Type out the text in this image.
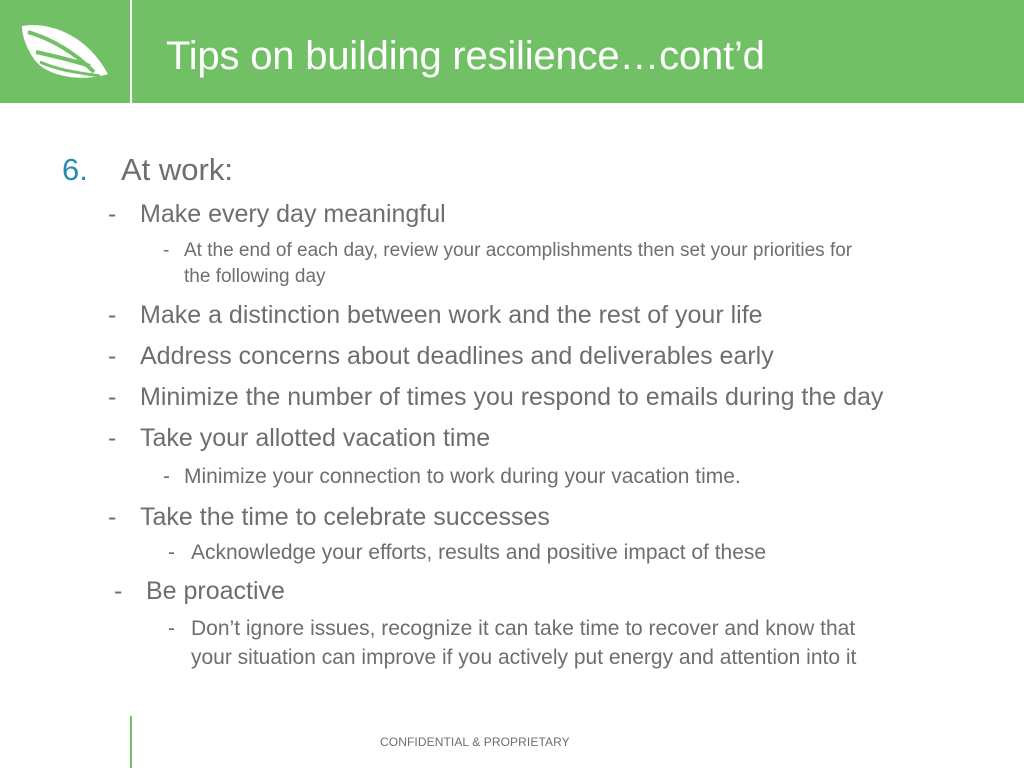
Tips on building resilience…cont’d
6. At work:
- Make every day meaningful
- At the end of each day, review your accomplishments then set your priorities for
the following day
- Make a distinction between work and the rest of your life
- Address concerns about deadlines and deliverables early
- Minimize the number of times you respond to emails during the day
- Take your allotted vacation time
- Minimize your connection to work during your vacation time.
- Take the time to celebrate successes
- Acknowledge your efforts, results and positive impact of these
- Be proactive
- Don’t ignore issues, recognize it can take time to recover and know that
your situation can improve if you actively put energy and attention into it
CONFIDENTIAL & PROPRIETARY
